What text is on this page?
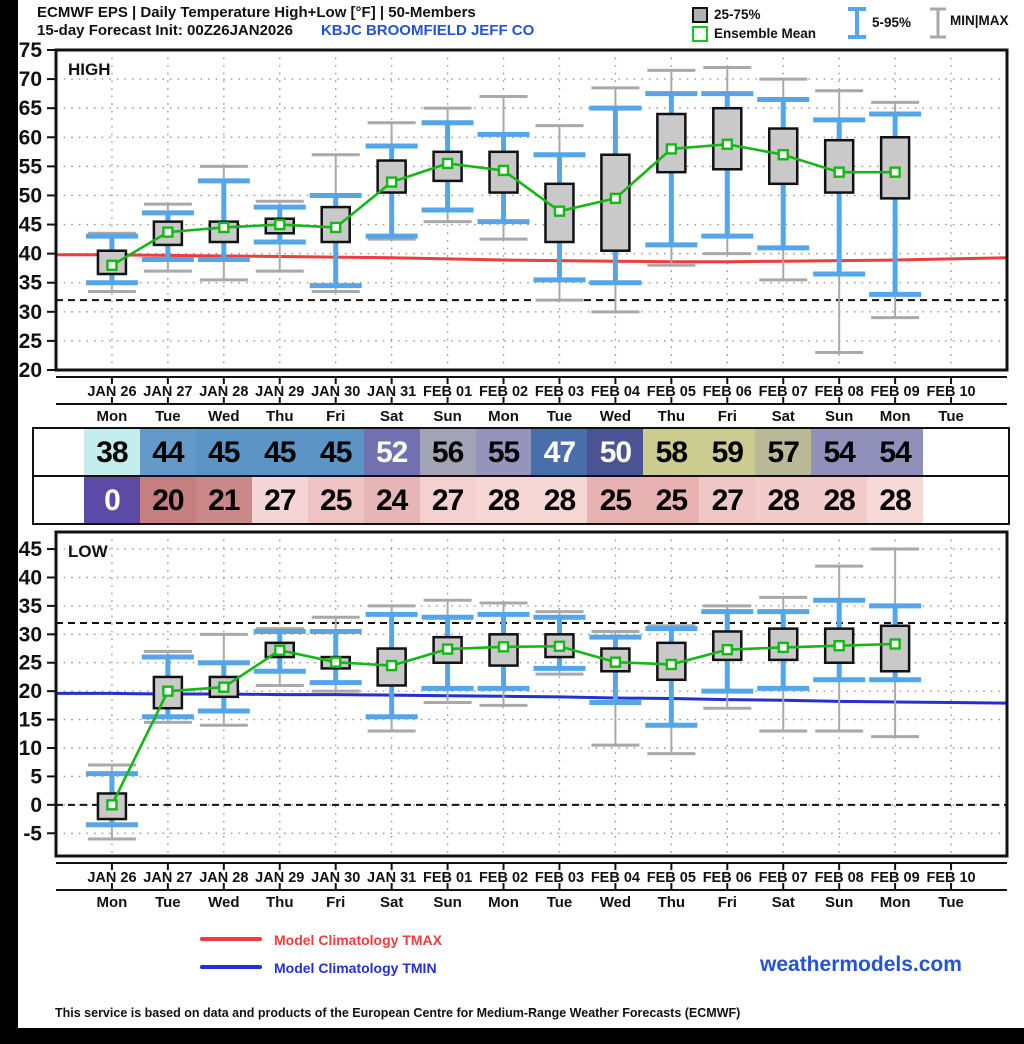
ECMWF EPS | Daily Temperature High+Low [°F] | 50-Members
15-day Forecast Init: 00Z26JAN2026 KBJC BROOMFIELD JEFF CO
25-75%
Ensemble Mean
5-95%	MIN|MAX
20
25
30
35
40
45
50
55
60
65
70
75
HIGH
JAN 26
Mon
JAN 27
Tue
JAN 28
Wed
JAN 29
Thu
JAN 30
Fri
JAN 31
Sat
FEB 01
Sun
FEB 02
Mon
FEB 03
Tue
FEB 04
Wed
FEB 05
Thu
FEB 06
Fri
FEB 07
Sat
FEB 08
Sun
FEB 09
Mon
FEB 10
Tue
-5
0
5
10
15
20
25
30
35
40
45 LOW
JAN 26
Mon
JAN 27
Tue
JAN 28
Wed
JAN 29
Thu
JAN 30
Fri
JAN 31
Sat
FEB 01
Sun
FEB 02
Mon
FEB 03
Tue
FEB 04
Wed
FEB 05
Thu
FEB 06
Fri
FEB 07
Sat
FEB 08
Sun
FEB 09
Mon
FEB 10
Tue
38 44 45 45 45 52 56 55 47 50 58 59 57 54 54
0	20 21 27 25 24 27 28 28 25 25 27 28 28 28
Model Climatology TMAX
Model Climatology TMIN	weathermodels.com
This service is based on data and products of the European Centre for Medium-Range Weather Forecasts (ECMWF)
